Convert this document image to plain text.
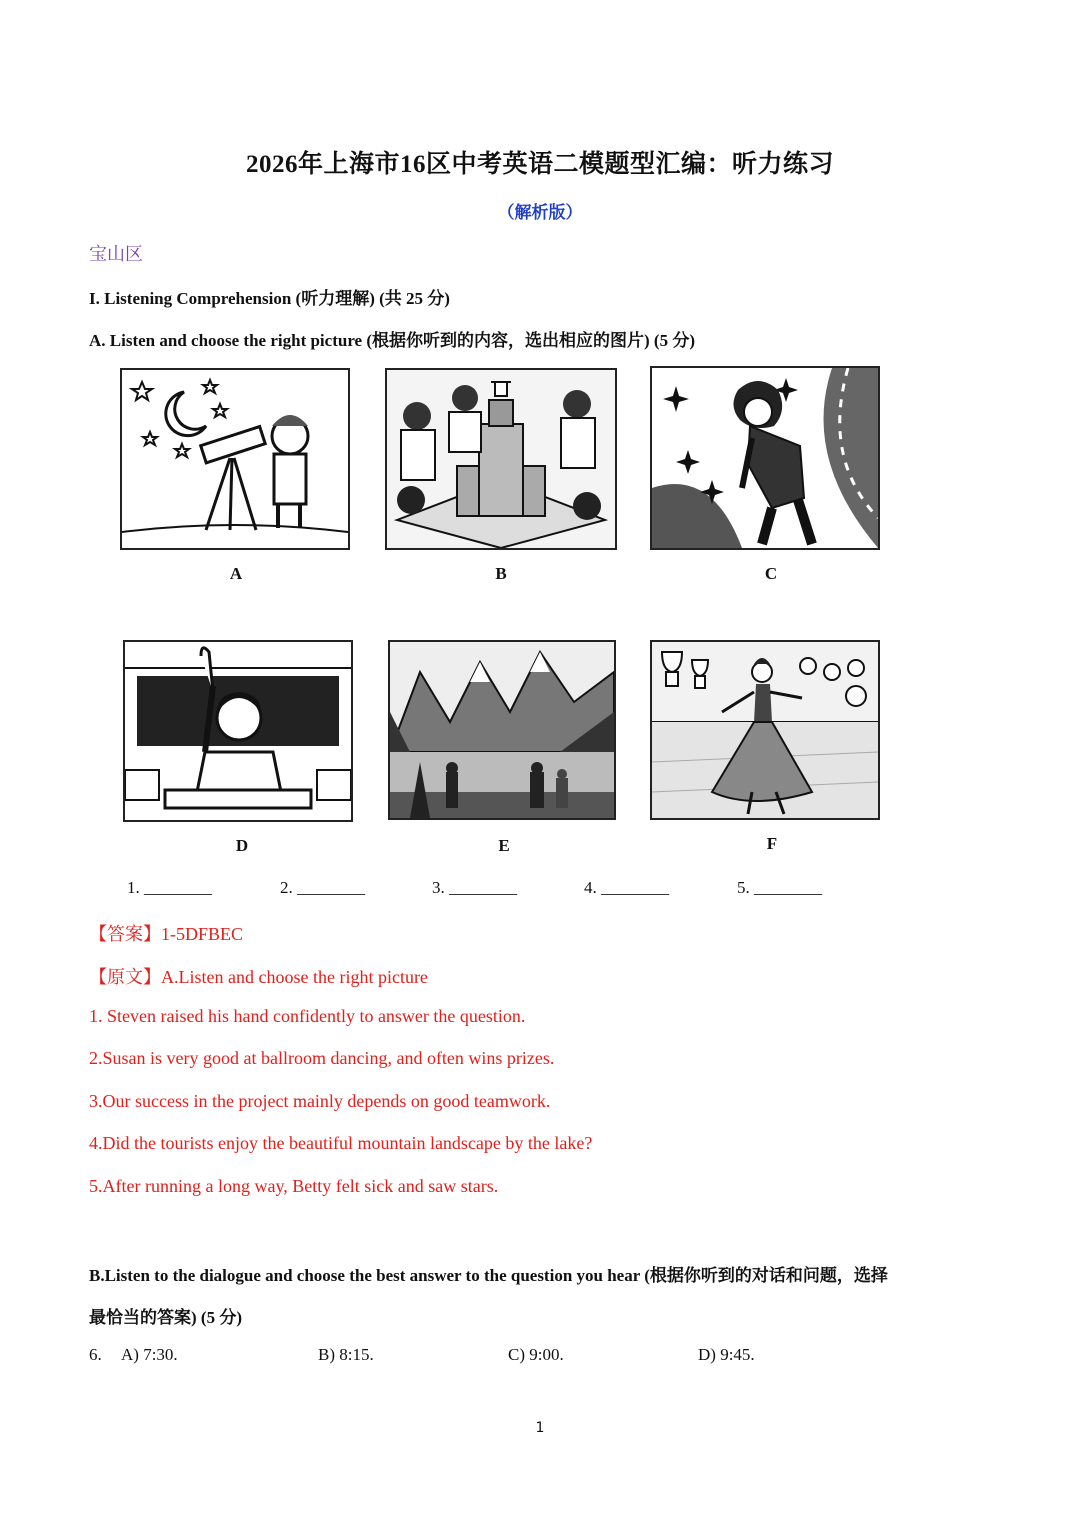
2026年上海市16区中考英语二模题型汇编：听力练习
（解析版）
宝山区
I. Listening Comprehension (听力理解) (共 25 分)
A. Listen and choose the right picture (根据你听到的内容，选出相应的图片) (5 分)
A	B	C
D	E	F
1. ________	2. ________	3. ________	4. ________	5. ________
【答案】1-5DFBEC
【原文】A.Listen and choose the right picture
1. Steven raised his hand confidently to answer the question.
2.Susan is very good at ballroom dancing, and often wins prizes.
3.Our success in the project mainly depends on good teamwork.
4.Did the tourists enjoy the beautiful mountain landscape by the lake?
5.After running a long way, Betty felt sick and saw stars.
B.Listen to the dialogue and choose the best answer to the question you hear (根据你听到的对话和问题，选择
最恰当的答案) (5 分)
6. A) 7:30.	B) 8:15.	C) 9:00.	D) 9:45.
1
